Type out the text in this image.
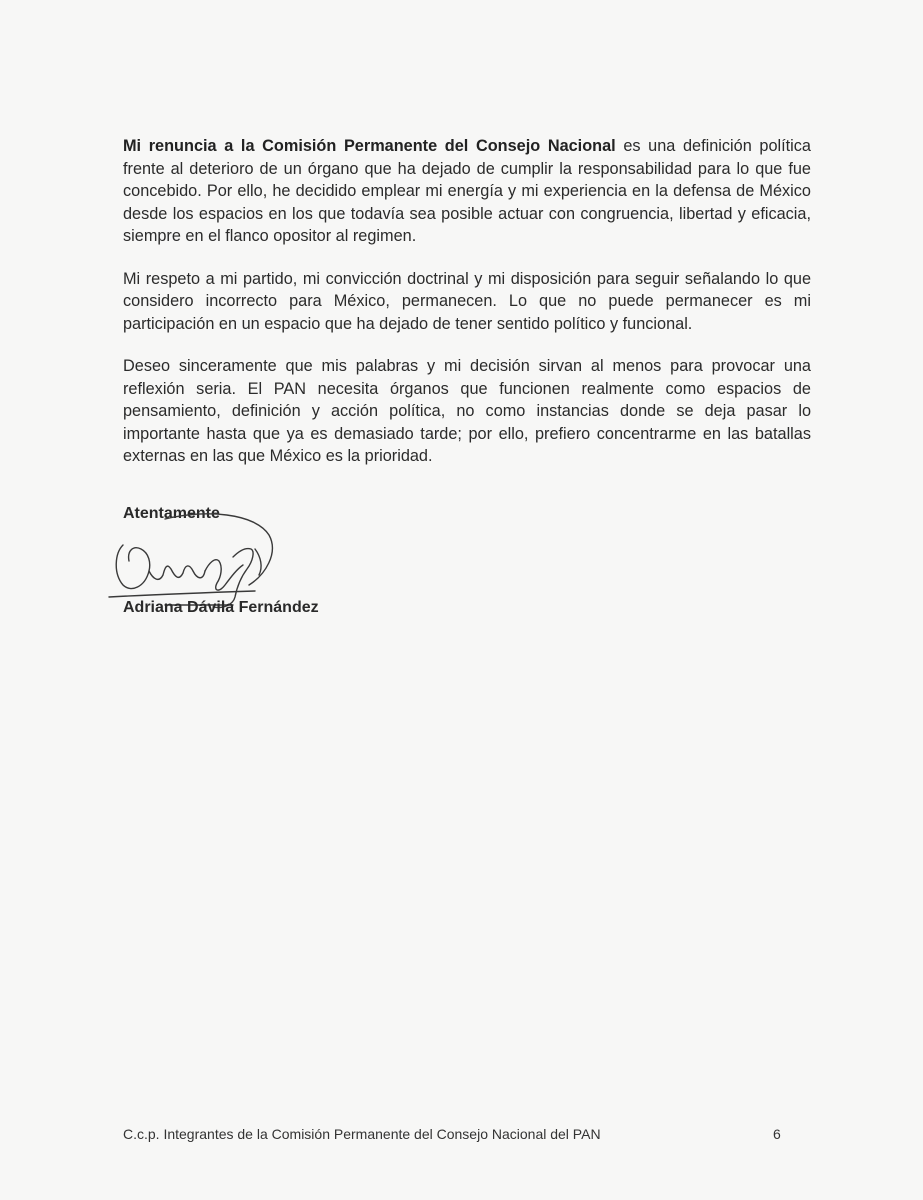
Mi renuncia a la Comisión Permanente del Consejo Nacional es una definición política frente al deterioro de un órgano que ha dejado de cumplir la responsabilidad para lo que fue concebido. Por ello, he decidido emplear mi energía y mi experiencia en la defensa de México desde los espacios en los que todavía sea posible actuar con congruencia, libertad y eficacia, siempre en el flanco opositor al regimen.

Mi respeto a mi partido, mi convicción doctrinal y mi disposición para seguir señalando lo que considero incorrecto para México, permanecen. Lo que no puede permanecer es mi participación en un espacio que ha dejado de tener sentido político y funcional.

Deseo sinceramente que mis palabras y mi decisión sirvan al menos para provocar una reflexión seria. El PAN necesita órganos que funcionen realmente como espacios de pensamiento, definición y acción política, no como instancias donde se deja pasar lo importante hasta que ya es demasiado tarde; por ello, prefiero concentrarme en las batallas externas en las que México es la prioridad.

Atentamente
Adriana Dávila Fernández
C.c.p. Integrantes de la Comisión Permanente del Consejo Nacional del PAN	6
